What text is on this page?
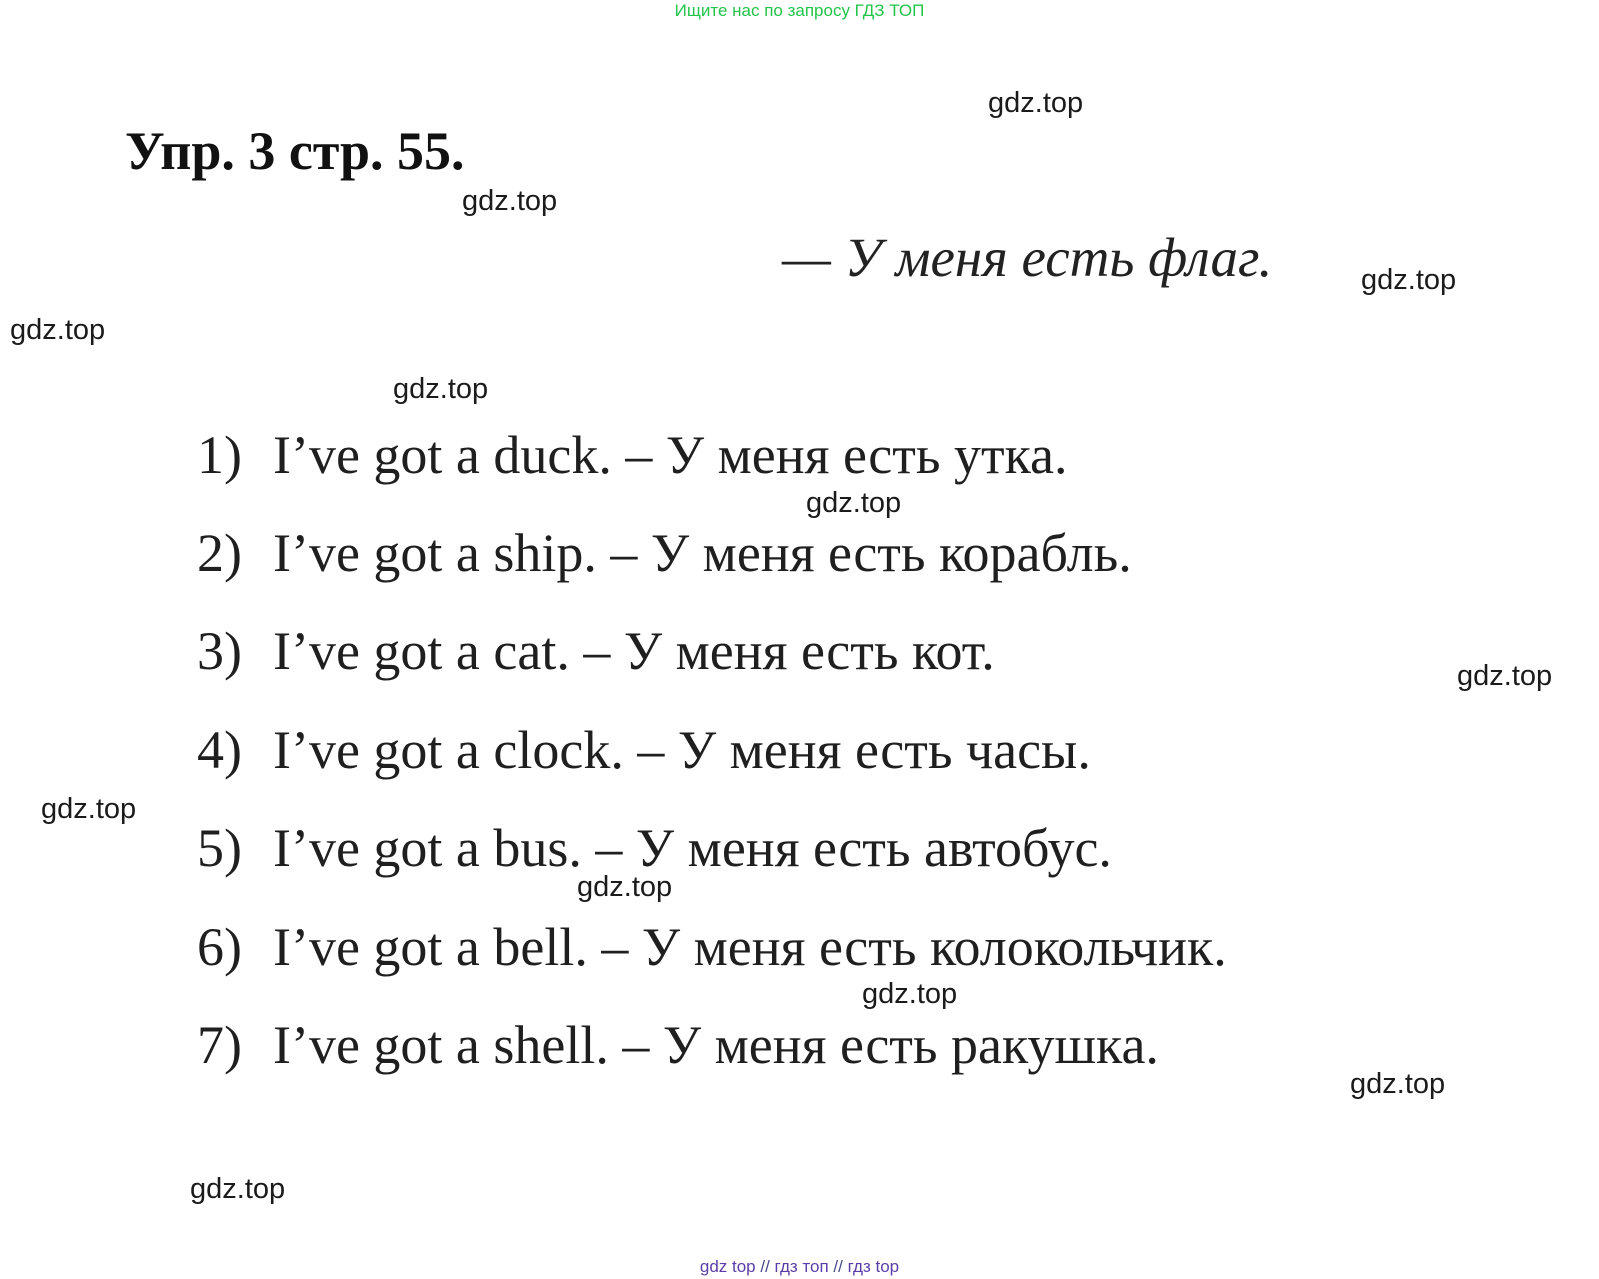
Ищите нас по запросу ГДЗ ТОП
Упр. 3 стр. 55.
— У меня есть флаг.
1) I’ve got a duck. – У меня есть утка.
2) I’ve got a ship. – У меня есть корабль.
3) I’ve got a cat. – У меня есть кот.
4) I’ve got a clock. – У меня есть часы.
5) I’ve got a bus. – У меня есть автобус.
6) I’ve got a bell. – У меня есть колокольчик.
7) I’ve got a shell. – У меня есть ракушка.
gdz.top
gdz.top
gdz.top
gdz.top
gdz.top
gdz.top
gdz.top
gdz.top
gdz.top
gdz.top
gdz.top
gdz.top
gdz top // гдз топ // гдз top
